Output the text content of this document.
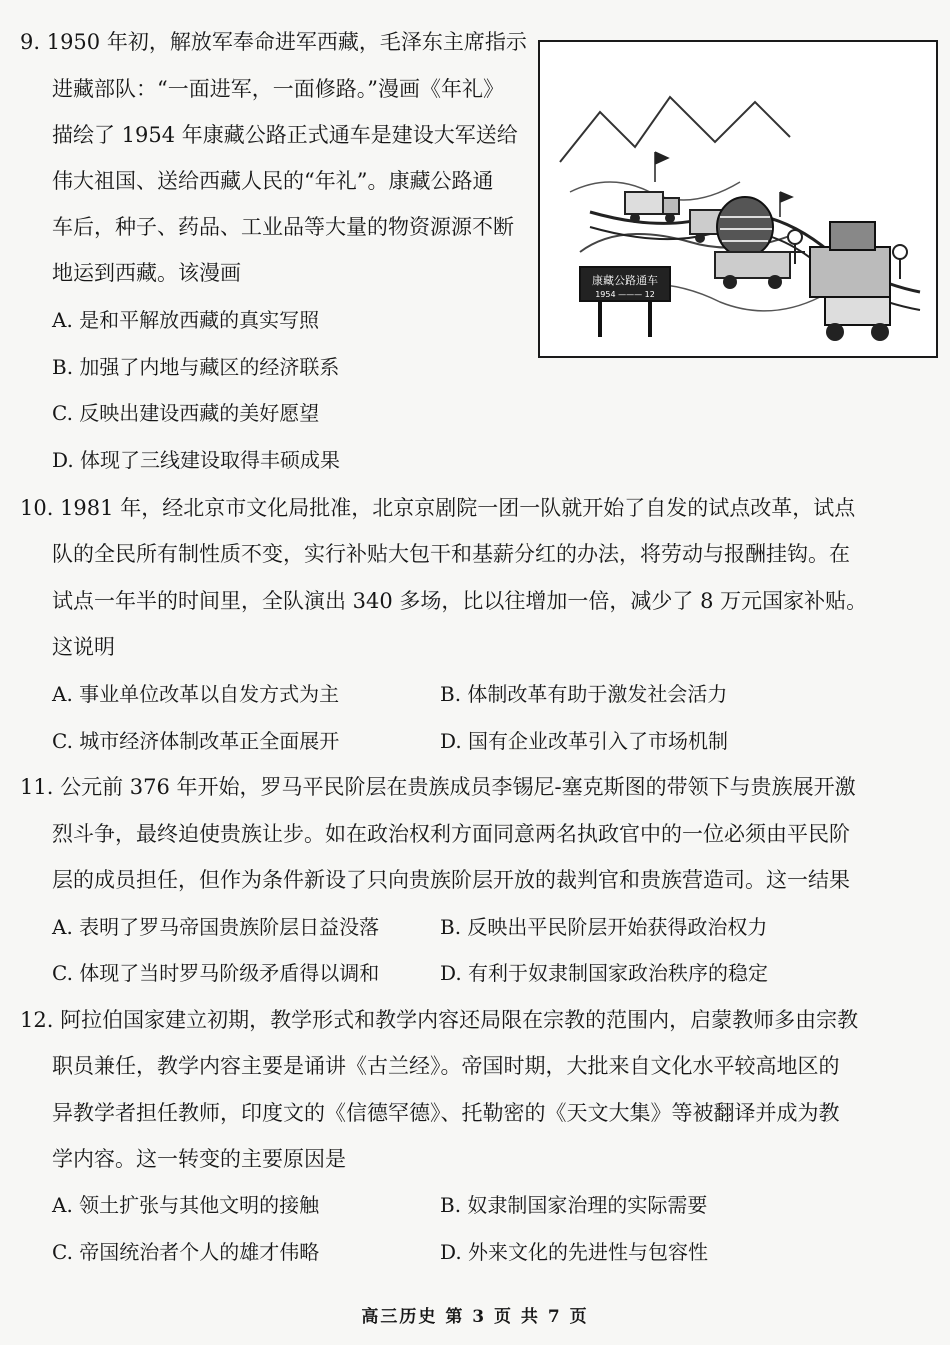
9. 1950 年初，解放军奉命进军西藏，毛泽东主席指示
进藏部队：“一面进军，一面修路。”漫画《年礼》
描绘了 1954 年康藏公路正式通车是建设大军送给
伟大祖国、送给西藏人民的“年礼”。康藏公路通
车后，种子、药品、工业品等大量的物资源源不断
地运到西藏。该漫画
A. 是和平解放西藏的真实写照
B. 加强了内地与藏区的经济联系
C. 反映出建设西藏的美好愿望
D. 体现了三线建设取得丰硕成果
康藏公路通车
1954 ——— 12
10. 1981 年，经北京市文化局批准，北京京剧院一团一队就开始了自发的试点改革，试点
队的全民所有制性质不变，实行补贴大包干和基薪分红的办法，将劳动与报酬挂钩。在
试点一年半的时间里，全队演出 340 多场，比以往增加一倍，减少了 8 万元国家补贴。
这说明
A. 事业单位改革以自发方式为主	B. 体制改革有助于激发社会活力
C. 城市经济体制改革正全面展开	D. 国有企业改革引入了市场机制
11. 公元前 376 年开始，罗马平民阶层在贵族成员李锡尼-塞克斯图的带领下与贵族展开激
烈斗争，最终迫使贵族让步。如在政治权利方面同意两名执政官中的一位必须由平民阶
层的成员担任，但作为条件新设了只向贵族阶层开放的裁判官和贵族营造司。这一结果
A. 表明了罗马帝国贵族阶层日益没落	B. 反映出平民阶层开始获得政治权力
C. 体现了当时罗马阶级矛盾得以调和	D. 有利于奴隶制国家政治秩序的稳定
12. 阿拉伯国家建立初期，教学形式和教学内容还局限在宗教的范围内，启蒙教师多由宗教
职员兼任，教学内容主要是诵讲《古兰经》。帝国时期，大批来自文化水平较高地区的
异教学者担任教师，印度文的《信德罕德》、托勒密的《天文大集》等被翻译并成为教
学内容。这一转变的主要原因是
A. 领土扩张与其他文明的接触	B. 奴隶制国家治理的实际需要
C. 帝国统治者个人的雄才伟略	D. 外来文化的先进性与包容性
高三历史 第 3 页 共 7 页
